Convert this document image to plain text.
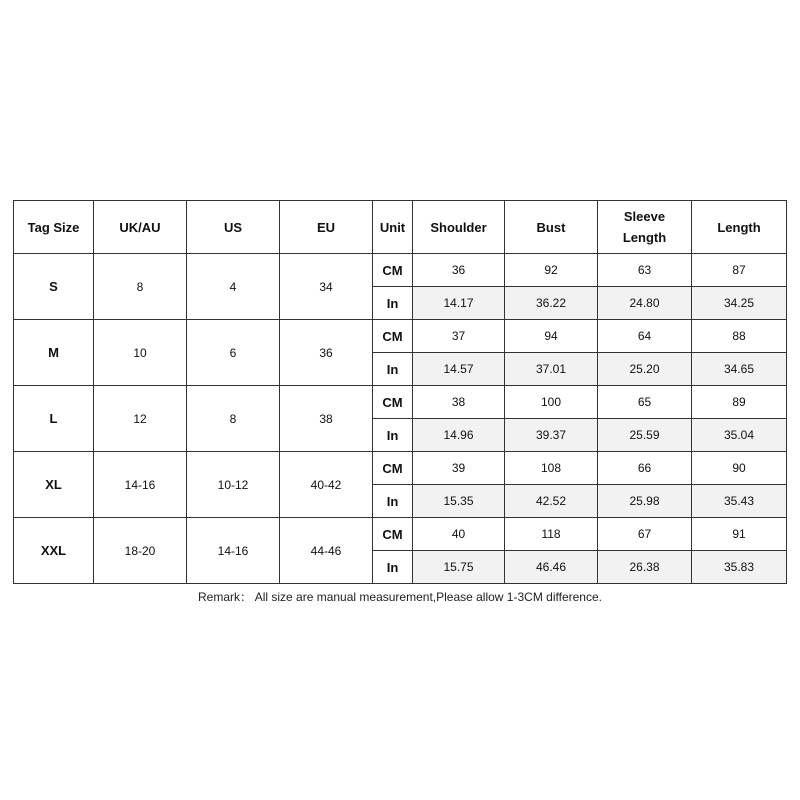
Tag Size	UK/AU	US	EU	Unit	Shoulder	Bust	Sleeve Length	Length
S	8	4	34	CM	36	92	63	87
				In	14.17	36.22	24.80	34.25
M	10	6	36	CM	37	94	64	88
				In	14.57	37.01	25.20	34.65
L	12	8	38	CM	38	100	65	89
				In	14.96	39.37	25.59	35.04
XL	14-16	10-12	40-42	CM	39	108	66	90
				In	15.35	42.52	25.98	35.43
XXL	18-20	14-16	44-46	CM	40	118	67	91
				In	15.75	46.46	26.38	35.83
Remark： All size are manual measurement,Please allow 1-3CM difference.
